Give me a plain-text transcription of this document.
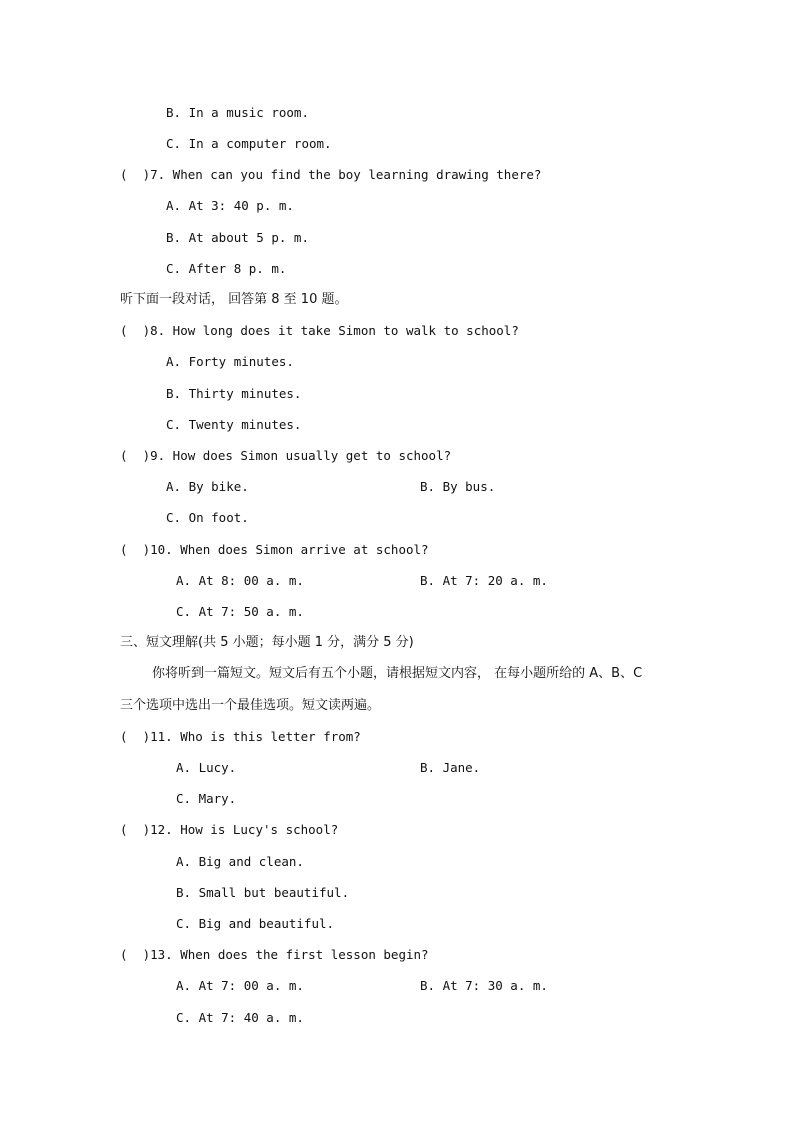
B. In a music room.
C. In a computer room.
(  )7. When can you find the boy learning drawing there?
A. At 3: 40 p. m.
B. At about 5 p. m.
C. After 8 p. m.
听下面一段对话， 回答第 8 至 10 题。
(  )8. How long does it take Simon to walk to school?
A. Forty minutes.
B. Thirty minutes.
C. Twenty minutes.
(  )9. How does Simon usually get to school?
A. By bike.	B. By bus.
C. On foot.
(  )10. When does Simon arrive at school?
A. At 8: 00 a. m.	B. At 7: 20 a. m.
C. At 7: 50 a. m.
三、短文理解(共 5 小题；每小题 1 分，满分 5 分)
你将听到一篇短文。短文后有五个小题，请根据短文内容， 在每小题所给的 A、B、C
三个选项中选出一个最佳选项。短文读两遍。
(  )11. Who is this letter from?
A. Lucy.	B. Jane.
C. Mary.
(  )12. How is Lucy's school?
A. Big and clean.
B. Small but beautiful.
C. Big and beautiful.
(  )13. When does the first lesson begin?
A. At 7: 00 a. m.	B. At 7: 30 a. m.
C. At 7: 40 a. m.
